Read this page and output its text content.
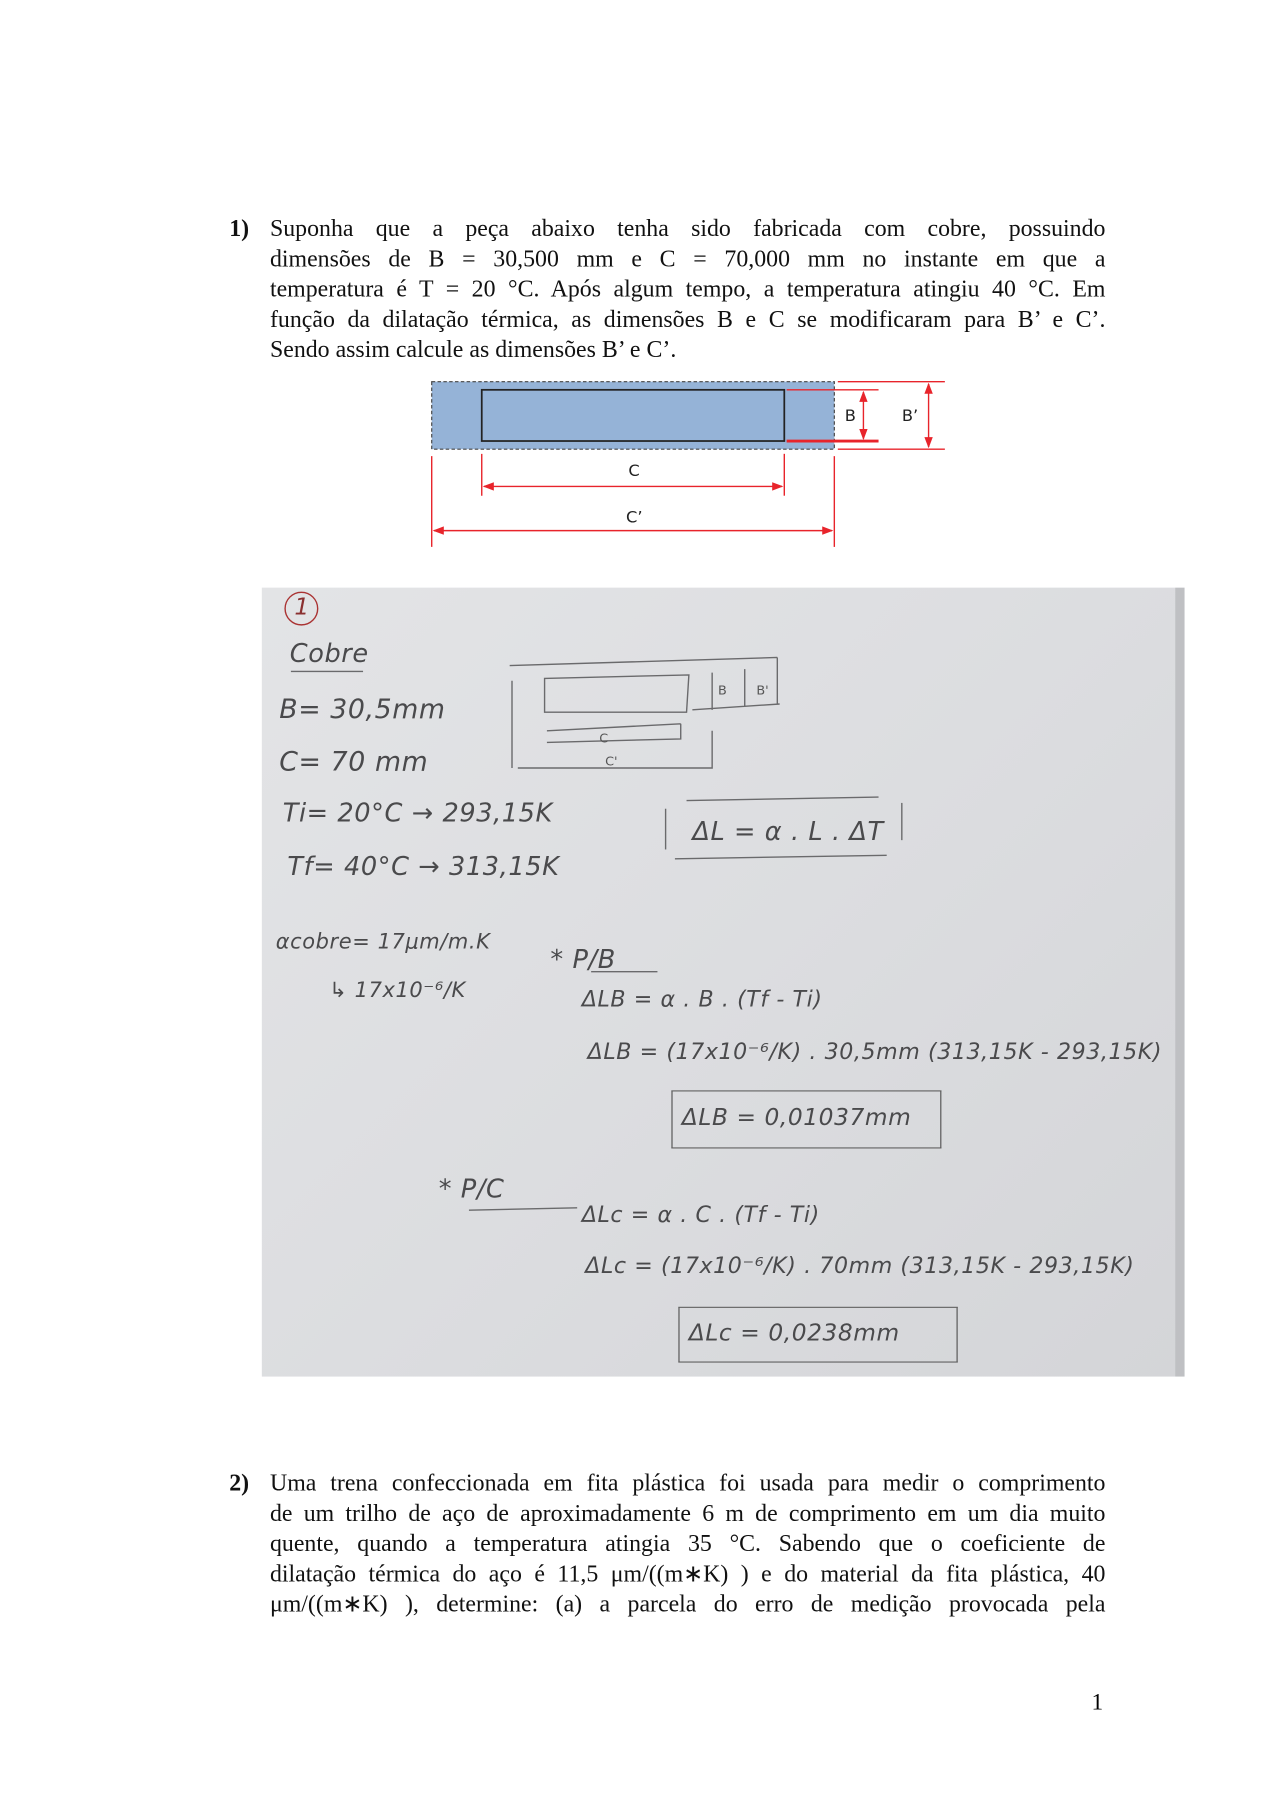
1) Suponha que a peça abaixo tenha sido fabricada com cobre, possuindo
dimensões de B = 30,500 mm e C = 70,000 mm no instante em que a
temperatura é T = 20 °C. Após algum tempo, a temperatura atingiu 40 °C. Em
função da dilatação térmica, as dimensões B e C se modificaram para B’ e C’.
Sendo assim calcule as dimensões B’ e C’.
B	B’
C
C’
B	B'
C
C'
1
Cobre
B= 30,5mm
C= 70 mm
Ti= 20°C → 293,15K
Tf= 40°C → 313,15K
αcobre= 17μm/m.K
↳ 17x10⁻⁶/K
ΔL = α . L . ΔT
* P/B
ΔLB = α . B . (Tf - Ti)
ΔLB = (17x10⁻⁶/K) . 30,5mm (313,15K - 293,15K)
ΔLB = 0,01037mm
* P/C
ΔLc = α . C . (Tf - Ti)
ΔLc = (17x10⁻⁶/K) . 70mm (313,15K - 293,15K)
ΔLc = 0,0238mm
2) Uma trena confeccionada em fita plástica foi usada para medir o comprimento
de um trilho de aço de aproximadamente 6 m de comprimento em um dia muito
quente, quando a temperatura atingia 35 °C. Sabendo que o coeficiente de
dilatação térmica do aço é 11,5 μm/((m∗K) ) e do material da fita plástica, 40
μm/((m∗K) ), determine: (a) a parcela do erro de medição provocada pela
1
